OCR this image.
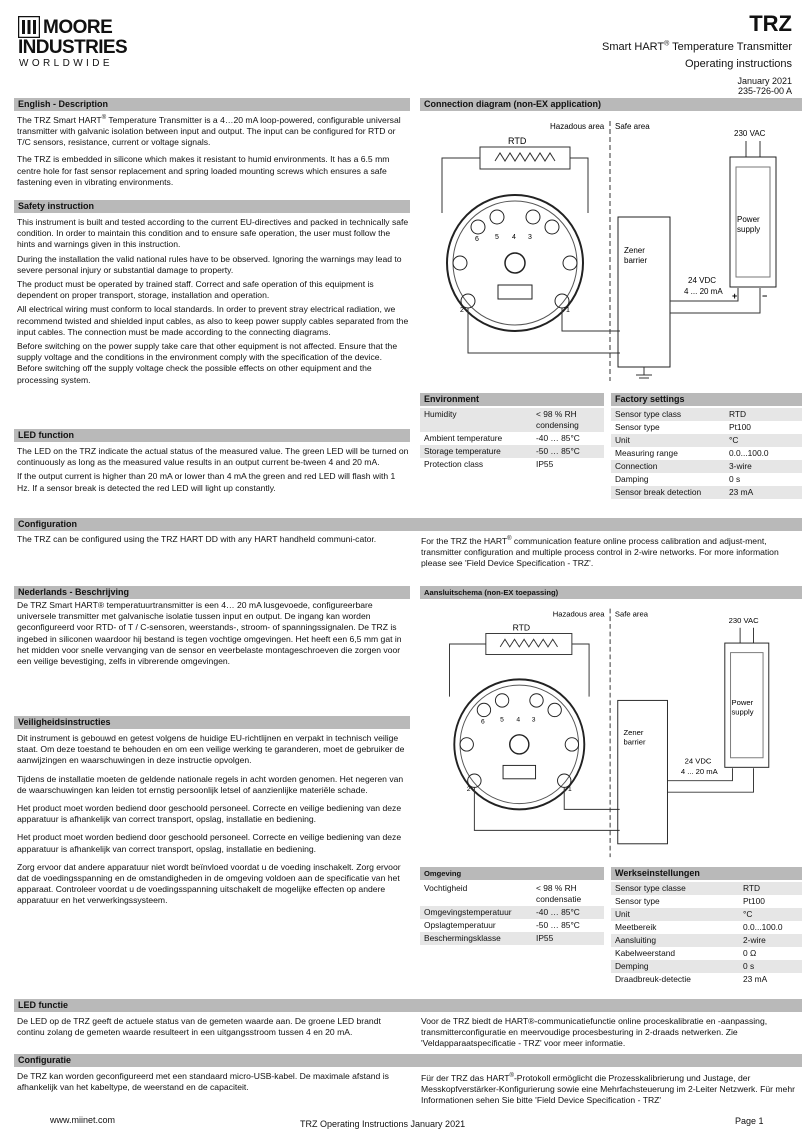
MOORE
INDUSTRIES
WORLDWIDE
TRZ
Smart HART® Temperature Transmitter
Operating instructions
January 2021
235-726-00 A
English - Description

The TRZ Smart HART® Temperature Transmitter is a 4…20 mA loop-powered, configurable universal transmitter with galvanic isolation between input and output. The input can be configured for RTD or T/C sensors, resistance, current or voltage signals.

The TRZ is embedded in silicone which makes it resistant to humid environments. It has a 6.5 mm centre hole for fast sensor replacement and spring loaded mounting screws which ensures a safe fastening even in vibrating environments.

Safety instruction

This instrument is built and tested according to the current EU-directives and packed in technically safe condition. In order to maintain this condition and to ensure safe operation, the user must follow the hints and warnings given in this instruction.

During the installation the valid national rules have to be observed. Ignoring the warnings may lead to severe personal injury or substantial damage to property.

The product must be operated by trained staff. Correct and safe operation of this equipment is dependent on proper transport, storage, installation and operation.

All electrical wiring must conform to local standards. In order to prevent stray electrical radiation, we recommend twisted and shielded input cables, as also to keep power supply cables separated from the input cables. The connection must be made according to the connecting diagrams.

Before switching on the power supply take care that other equipment is not affected. Ensure that the supply voltage and the conditions in the environment comply with the specification of the device. Before switching off the supply voltage check the possible effects on other equipment and the processing system.

LED function

The LED on the TRZ indicate the actual status of the measured value. The green LED will be turned on continuously as long as the measured value results in an output current be-tween 4 and 20 mA.

If the output current is higher than 20 mA or lower than 4 mA the green and red LED will flash with 1 Hz. If a sensor break is detected the red LED will light up constantly.

Connection diagram (non-EX application)
Hazadous area Safe area
RTD
5 4 3
6
2	1
Zener
barrier
24 VDC
4 ... 20 mA +	−
230 VAC
Power
supply
Environment
Humidity	< 98 % RH condensing
Ambient temperature	-40 … 85°C
Storage temperature	-50 … 85°C
Protection class	IP55
Factory settings
Sensor type class	RTD
Sensor type	Pt100
Unit	°C
Measuring range	0.0...100.0
Connection	3-wire
Damping	0 s
Sensor break detection	23 mA
Configuration
The TRZ can be configured using the TRZ HART DD with any HART handheld communi-cator.	For the TRZ the HART® communication feature online process calibration and adjust-ment, transmitter configuration and multiple process control in 2-wire networks. For more information please see 'Field Device Specification - TRZ'.
Nederlands - Beschrijving
De TRZ Smart HART® temperatuurtransmitter is een 4… 20 mA lusgevoede, configureerbare universele transmitter met galvanische isolatie tussen input en output. De ingang kan worden geconfigureerd voor RTD- of T / C-sensoren, weerstands-, stroom- of spanningssignalen. De TRZ is ingebed in siliconen waardoor hij bestand is tegen vochtige omgevingen. Het heeft een 6,5 mm gat in het midden voor snelle vervanging van de sensor en veerbelaste montageschroeven die zorgen voor een veilige bevestiging, zelfs in vibrerende omgevingen.
Veiligheidsinstructies

Dit instrument is gebouwd en getest volgens de huidige EU-richtlijnen en verpakt in technisch veilige staat. Om deze toestand te behouden en om een veilige werking te garanderen, moet de gebruiker de aanwijzingen en waarschuwingen in deze instructie opvolgen.

Tijdens de installatie moeten de geldende nationale regels in acht worden genomen. Het negeren van de waarschuwingen kan leiden tot ernstig persoonlijk letsel of aanzienlijke materiële schade.

Het product moet worden bediend door geschoold personeel. Correcte en veilige bediening van deze apparatuur is afhankelijk van correct transport, opslag, installatie en bediening.

Het product moet worden bediend door geschoold personeel. Correcte en veilige bediening van deze apparatuur is afhankelijk van correct transport, opslag, installatie en bediening.

Zorg ervoor dat andere apparatuur niet wordt beïnvloed voordat u de voeding inschakelt. Zorg ervoor dat de voedingsspanning en de omstandigheden in de omgeving voldoen aan de specificatie van het apparaat. Controleer voordat u de voedingsspanning uitschakelt de mogelijke effecten op andere apparatuur en het verwerkingssysteem.

Aansluitschema (non-EX toepassing)
Hazadous area Safe area
RTD
5 4 3
6
2	1
Zener
barrier
24 VDC
4 ... 20 mA
230 VAC
Power
supply
Omgeving
Vochtigheid	< 98 % RH condensatie
Omgevingstemperatuur	-40 … 85°C
Opslagtemperatuur	-50 … 85°C
Beschermingsklasse	IP55
Werkseinstellungen
Sensor type classe	RTD
Sensor type	Pt100
Unit	°C
Meetbereik	0.0...100.0
Aansluiting	2-wire
Kabelweerstand	0 Ω
Demping	0 s
Draadbreuk-detectie	23 mA
LED functie
De LED op de TRZ geeft de actuele status van de gemeten waarde aan. De groene LED brandt continu zolang de gemeten waarde resulteert in een uitgangsstroom tussen 4 en 20 mA.
Voor de TRZ biedt de HART®-communicatiefunctie online proceskalibratie en -aanpassing, transmitterconfiguratie en meervoudige procesbesturing in 2-draads netwerken. Zie 'Veldapparaatspecificatie - TRZ' voor meer informatie.
Configuratie
De TRZ kan worden geconfigureerd met een standaard micro-USB-kabel. De maximale afstand is afhankelijk van het kabeltype, de weerstand en de capaciteit.
Für der TRZ das HART®-Protokoll ermöglicht die Prozesskalibrierung und Justage, der Messkopfverstärker-Konfigurierung sowie eine Mehrfachsteuerung im 2-Leiter Netzwerk. Für mehr Informationen sehen Sie bitte 'Field Device Specification - TRZ'
www.miinet.com	TRZ Operating Instructions January 2021	Page 1
